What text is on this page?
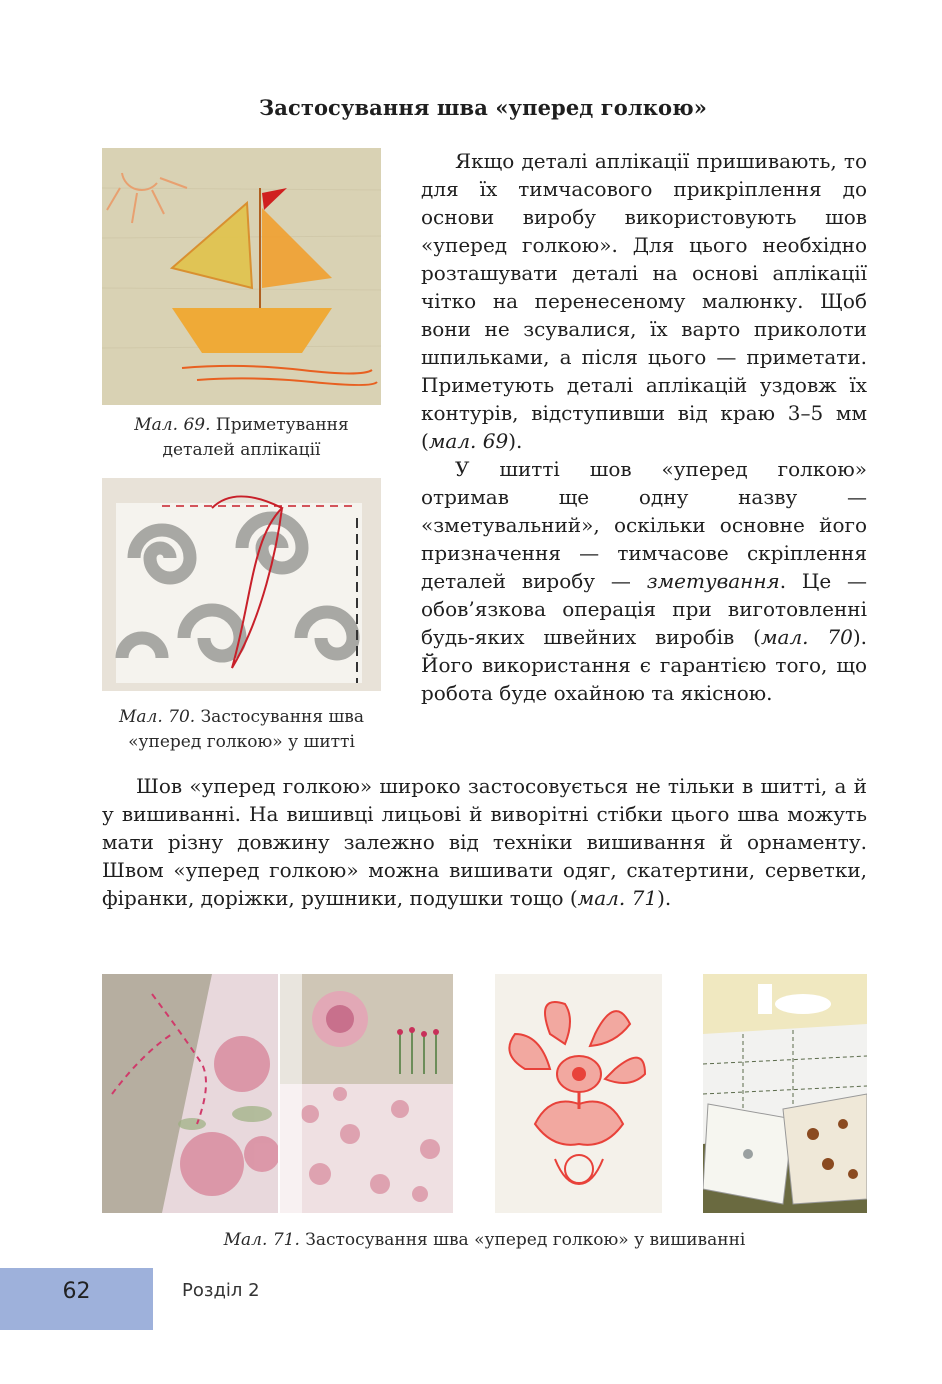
Застосування шва «уперед голкою»
Мал. 69. Приметування
деталей аплікації
Мал. 70. Застосування шва
«уперед голкою» у шитті

Якщо деталі аплікації пришивають, то для їх тимчасового прикріплення до основи виробу використовують шов «уперед голкою». Для цього необхідно розташувати деталі на основі аплікації чітко на перенесеному малюнку. Щоб вони не зсувалися, їх варто приколоти шпильками, а після цього — приметати. Приметують деталі аплікацій уздовж їх контурів, відступивши від краю 3–5 мм (мал. 69).

У шитті шов «уперед голкою» отримав ще одну назву — «зметувальний», оскільки основне його призначення — тимчасове скріплення деталей виробу — зметування. Це — обов’язкова операція при виготовленні будь-яких швейних виробів (мал. 70). Його використання є гарантією того, що робота буде охайною та якісною.

Шов «уперед голкою» широко застосовується не тільки в шитті, а й у вишиванні. На вишивці лицьові й виворітні стібки цього шва можуть мати різну довжину залежно від техніки вишивання й орнаменту. Швом «уперед голкою» можна вишивати одяг, скатертини, серветки, фіранки, доріжки, рушники, подушки тощо (мал. 71).

Мал. 71. Застосування шва «уперед голкою» у вишиванні
62	Розділ 2
